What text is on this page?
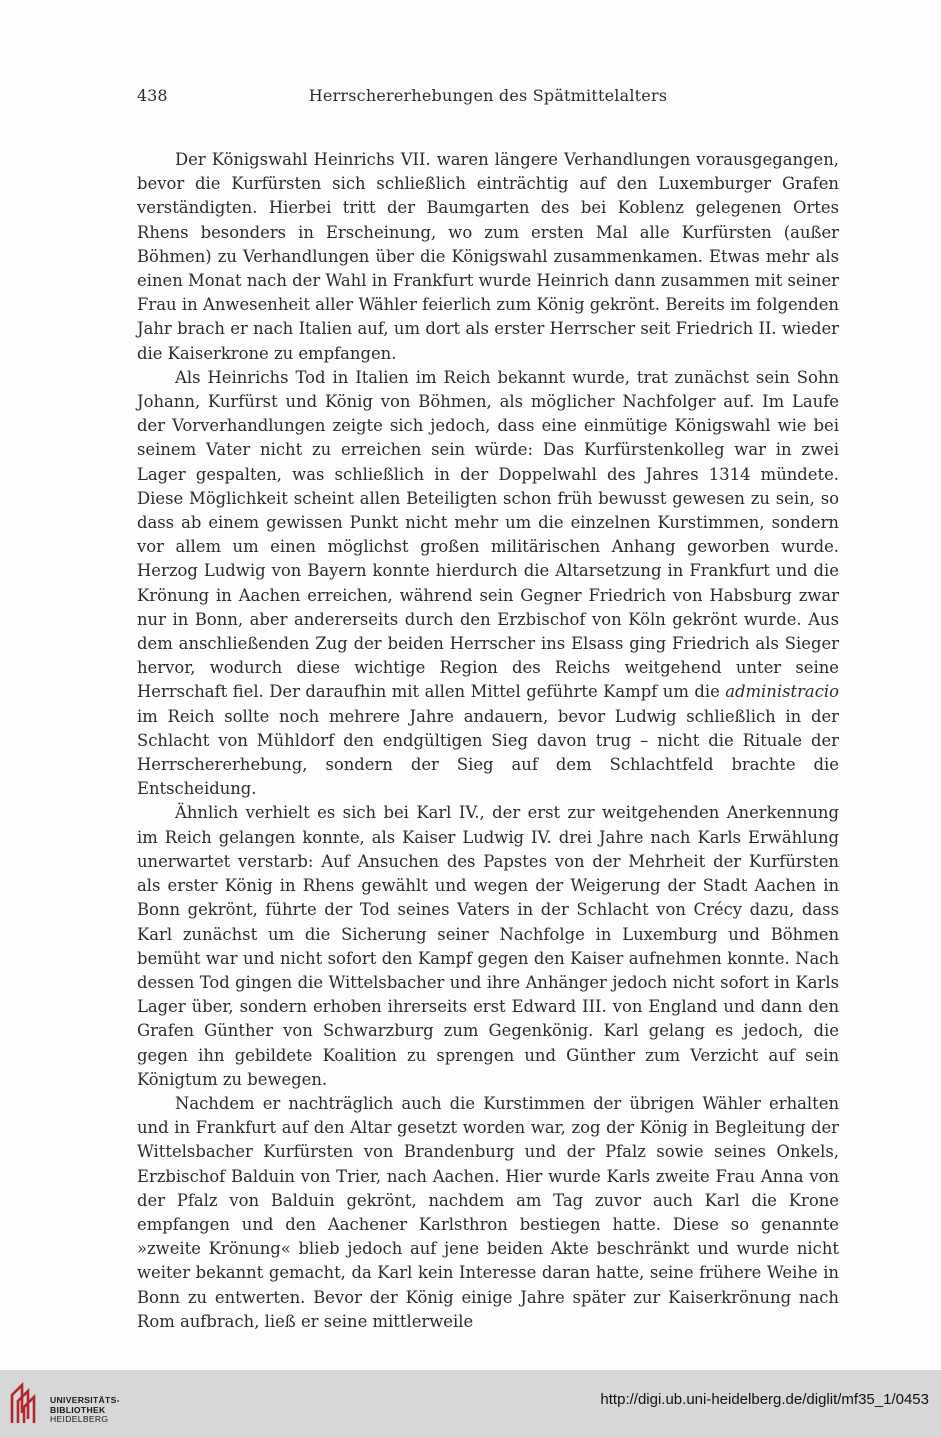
438	Herrschererhebungen des Spätmittelalters

Der Königswahl Heinrichs VII. waren längere Verhandlungen vorausgegangen, bevor die Kurfürsten sich schließlich einträchtig auf den Luxemburger Grafen verständigten. Hierbei tritt der Baumgarten des bei Koblenz gelegenen Ortes Rhens besonders in Erscheinung, wo zum ersten Mal alle Kurfürsten (außer Böhmen) zu Verhandlungen über die Königswahl zusammenkamen. Etwas mehr als einen Monat nach der Wahl in Frankfurt wurde Heinrich dann zusammen mit seiner Frau in Anwesenheit aller Wähler feierlich zum König gekrönt. Bereits im folgenden Jahr brach er nach Italien auf, um dort als erster Herrscher seit Friedrich II. wieder die Kaiserkrone zu empfangen.

Als Heinrichs Tod in Italien im Reich bekannt wurde, trat zunächst sein Sohn Johann, Kurfürst und König von Böhmen, als möglicher Nachfolger auf. Im Laufe der Vorverhandlungen zeigte sich jedoch, dass eine einmütige Königswahl wie bei seinem Vater nicht zu erreichen sein würde: Das Kurfürstenkolleg war in zwei Lager gespalten, was schließlich in der Doppelwahl des Jahres 1314 mündete. Diese Möglichkeit scheint allen Beteiligten schon früh bewusst gewesen zu sein, so dass ab einem gewissen Punkt nicht mehr um die einzelnen Kurstimmen, sondern vor allem um einen möglichst großen militärischen Anhang geworben wurde. Herzog Ludwig von Bayern konnte hierdurch die Altarsetzung in Frankfurt und die Krönung in Aachen erreichen, während sein Gegner Friedrich von Habsburg zwar nur in Bonn, aber andererseits durch den Erzbischof von Köln gekrönt wurde. Aus dem anschließenden Zug der beiden Herrscher ins Elsass ging Friedrich als Sieger hervor, wodurch diese wichtige Region des Reichs weitgehend unter seine Herrschaft fiel. Der daraufhin mit allen Mittel geführte Kampf um die administracio im Reich sollte noch mehrere Jahre andauern, bevor Ludwig schließlich in der Schlacht von Mühldorf den endgültigen Sieg davon trug – nicht die Rituale der Herrschererhebung, sondern der Sieg auf dem Schlachtfeld brachte die Entscheidung.

Ähnlich verhielt es sich bei Karl IV., der erst zur weitgehenden Anerkennung im Reich gelangen konnte, als Kaiser Ludwig IV. drei Jahre nach Karls Erwählung unerwartet verstarb: Auf Ansuchen des Papstes von der Mehrheit der Kurfürsten als erster König in Rhens gewählt und wegen der Weigerung der Stadt Aachen in Bonn gekrönt, führte der Tod seines Vaters in der Schlacht von Crécy dazu, dass Karl zunächst um die Sicherung seiner Nachfolge in Luxemburg und Böhmen bemüht war und nicht sofort den Kampf gegen den Kaiser aufnehmen konnte. Nach dessen Tod gingen die Wittelsbacher und ihre Anhänger jedoch nicht sofort in Karls Lager über, sondern erhoben ihrerseits erst Edward III. von England und dann den Grafen Günther von Schwarzburg zum Gegenkönig. Karl gelang es jedoch, die gegen ihn gebildete Koalition zu sprengen und Günther zum Verzicht auf sein Königtum zu bewegen.

Nachdem er nachträglich auch die Kurstimmen der übrigen Wähler erhalten und in Frankfurt auf den Altar gesetzt worden war, zog der König in Begleitung der Wittelsbacher Kurfürsten von Brandenburg und der Pfalz sowie seines Onkels, Erzbischof Balduin von Trier, nach Aachen. Hier wurde Karls zweite Frau Anna von der Pfalz von Balduin gekrönt, nachdem am Tag zuvor auch Karl die Krone empfangen und den Aachener Karlsthron bestiegen hatte. Diese so genannte »zweite Krönung« blieb jedoch auf jene beiden Akte beschränkt und wurde nicht weiter bekannt gemacht, da Karl kein Interesse daran hatte, seine frühere Weihe in Bonn zu entwerten. Bevor der König einige Jahre später zur Kaiserkrönung nach Rom aufbrach, ließ er seine mittlerweile

UNIVERSITÄTS-
BIBLIOTHEK
HEIDELBERG
http://digi.ub.uni-heidelberg.de/diglit/mf35_1/0453
